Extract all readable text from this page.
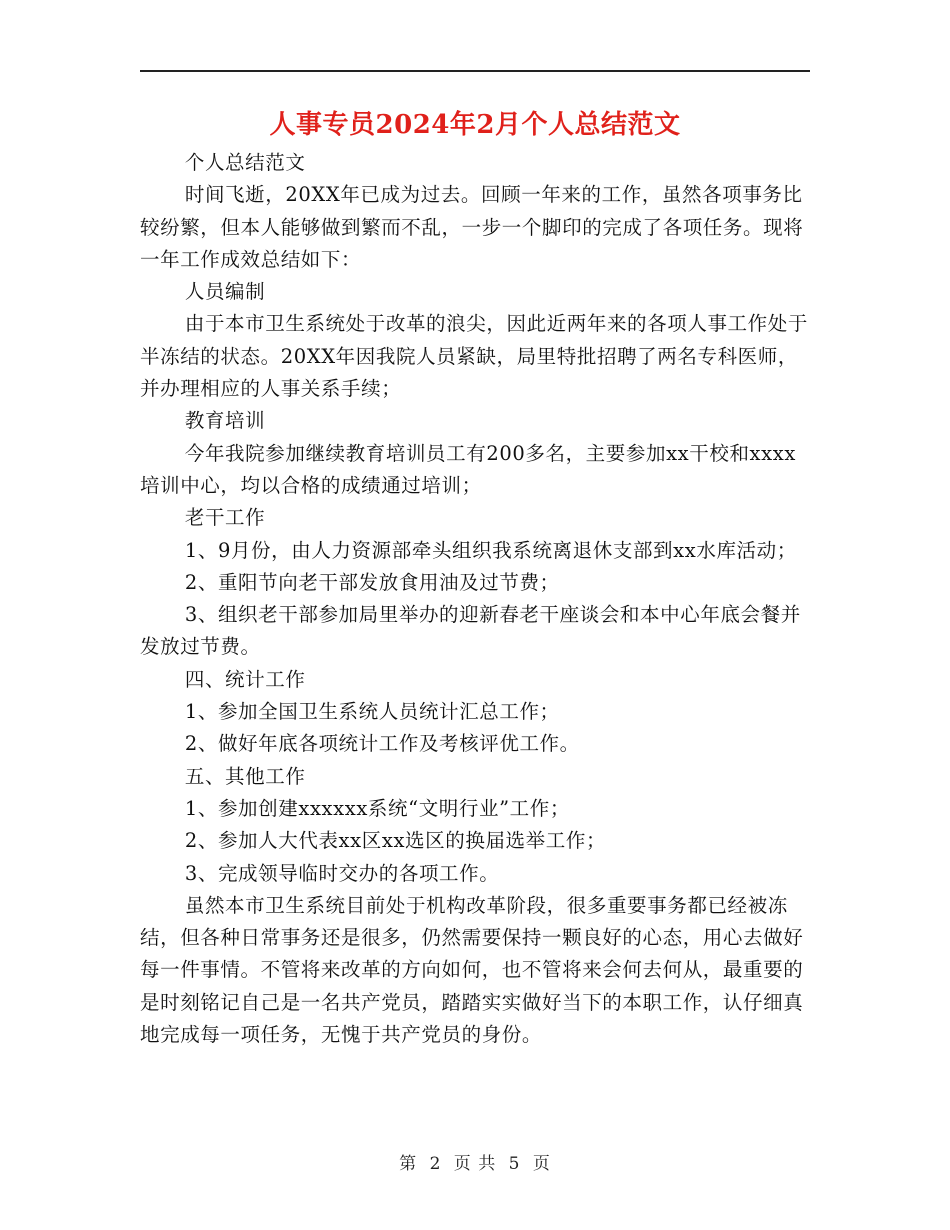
人事专员2024年2月个人总结范文

个人总结范文

时间飞逝，20XX年已成为过去。回顾一年来的工作，虽然各项事务比较纷繁，但本人能够做到繁而不乱，一步一个脚印的完成了各项任务。现将一年工作成效总结如下：

人员编制

由于本市卫生系统处于改革的浪尖，因此近两年来的各项人事工作处于半冻结的状态。20XX年因我院人员紧缺，局里特批招聘了两名专科医师，并办理相应的人事关系手续；

教育培训

今年我院参加继续教育培训员工有200多名，主要参加xx干校和xxxx培训中心，均以合格的成绩通过培训；

老干工作

1、9月份，由人力资源部牵头组织我系统离退休支部到xx水库活动；

2、重阳节向老干部发放食用油及过节费；

3、组织老干部参加局里举办的迎新春老干座谈会和本中心年底会餐并发放过节费。

四、统计工作

1、参加全国卫生系统人员统计汇总工作；

2、做好年底各项统计工作及考核评优工作。

五、其他工作

1、参加创建xxxxxx系统“文明行业”工作；

2、参加人大代表xx区xx选区的换届选举工作；

3、完成领导临时交办的各项工作。

虽然本市卫生系统目前处于机构改革阶段，很多重要事务都已经被冻结，但各种日常事务还是很多，仍然需要保持一颗良好的心态，用心去做好每一件事情。不管将来改革的方向如何，也不管将来会何去何从，最重要的是时刻铭记自己是一名共产党员，踏踏实实做好当下的本职工作，认仔细真地完成每一项任务，无愧于共产党员的身份。

第 2 页 共 5 页
